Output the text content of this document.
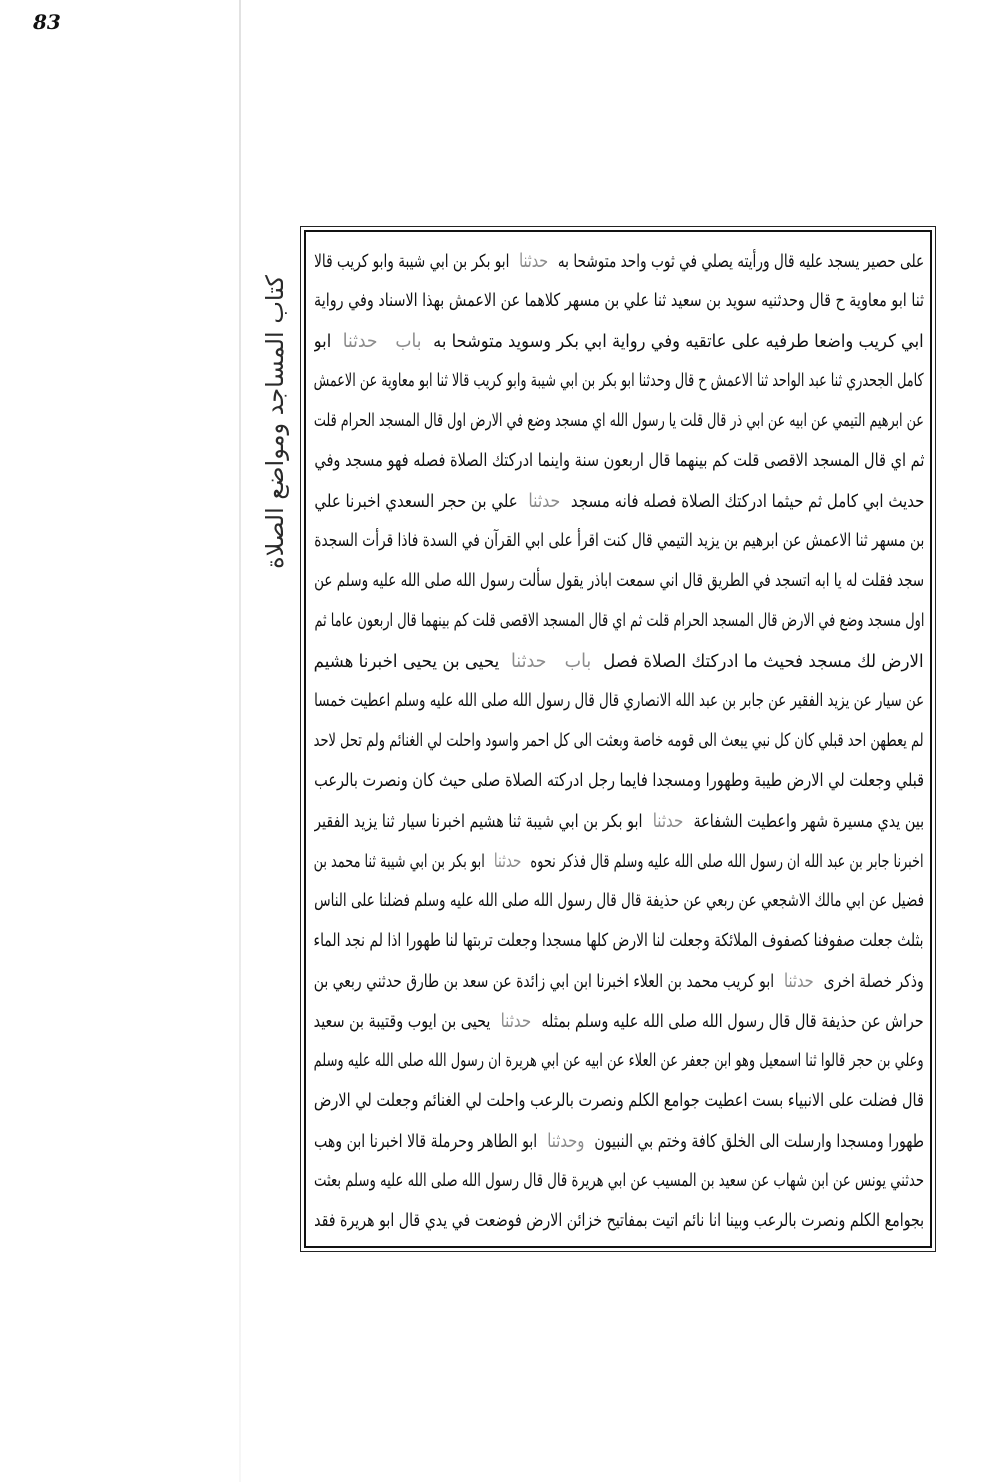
83
كتاب المساجد ومواضع الصلاة
على حصير يسجد عليه قال ورأيته يصلي في ثوب واحد متوشحا به حدثنا ابو بكر بن ابي شيبة وابو كريب قالا
ثنا ابو معاوية ح قال وحدثنيه سويد بن سعيد ثنا علي بن مسهر كلاهما عن الاعمش بهذا الاسناد وفي رواية
ابي كريب واضعا طرفيه على عاتقيه وفي رواية ابي بكر وسويد متوشحا به باب حدثنا ابو
كامل الجحدري ثنا عبد الواحد ثنا الاعمش ح قال وحدثنا ابو بكر بن ابي شيبة وابو كريب قالا ثنا ابو معاوية عن الاعمش
عن ابرهيم التيمي عن ابيه عن ابي ذر قال قلت يا رسول الله اي مسجد وضع في الارض اول قال المسجد الحرام قلت
ثم اي قال المسجد الاقصى قلت كم بينهما قال اربعون سنة واينما ادركتك الصلاة فصله فهو مسجد وفي
حديث ابي كامل ثم حيثما ادركتك الصلاة فصله فانه مسجد حدثنا علي بن حجر السعدي اخبرنا علي
بن مسهر ثنا الاعمش عن ابرهيم بن يزيد التيمي قال كنت اقرأ على ابي القرآن في السدة فاذا قرأت السجدة
سجد فقلت له يا ابه اتسجد في الطريق قال اني سمعت اباذر يقول سألت رسول الله صلى الله عليه وسلم عن
اول مسجد وضع في الارض قال المسجد الحرام قلت ثم اي قال المسجد الاقصى قلت كم بينهما قال اربعون عاما ثم
الارض لك مسجد فحيث ما ادركتك الصلاة فصل باب حدثنا يحيى بن يحيى اخبرنا هشيم
عن سيار عن يزيد الفقير عن جابر بن عبد الله الانصاري قال قال رسول الله صلى الله عليه وسلم اعطيت خمسا
لم يعطهن احد قبلي كان كل نبي يبعث الى قومه خاصة وبعثت الى كل احمر واسود واحلت لي الغنائم ولم تحل لاحد
قبلي وجعلت لي الارض طيبة وطهورا ومسجدا فايما رجل ادركته الصلاة صلى حيث كان ونصرت بالرعب
بين يدي مسيرة شهر واعطيت الشفاعة حدثنا ابو بكر بن ابي شيبة ثنا هشيم اخبرنا سيار ثنا يزيد الفقير
اخبرنا جابر بن عبد الله ان رسول الله صلى الله عليه وسلم قال فذكر نحوه حدثنا ابو بكر بن ابي شيبة ثنا محمد بن
فضيل عن ابي مالك الاشجعي عن ربعي عن حذيفة قال قال رسول الله صلى الله عليه وسلم فضلنا على الناس
بثلث جعلت صفوفنا كصفوف الملائكة وجعلت لنا الارض كلها مسجدا وجعلت تربتها لنا طهورا اذا لم نجد الماء
وذكر خصلة اخرى حدثنا ابو كريب محمد بن العلاء اخبرنا ابن ابي زائدة عن سعد بن طارق حدثني ربعي بن
حراش عن حذيفة قال قال رسول الله صلى الله عليه وسلم بمثله حدثنا يحيى بن ايوب وقتيبة بن سعيد
وعلي بن حجر قالوا ثنا اسمعيل وهو ابن جعفر عن العلاء عن ابيه عن ابي هريرة ان رسول الله صلى الله عليه وسلم
قال فضلت على الانبياء بست اعطيت جوامع الكلم ونصرت بالرعب واحلت لي الغنائم وجعلت لي الارض
طهورا ومسجدا وارسلت الى الخلق كافة وختم بي النبيون وحدثنا ابو الطاهر وحرملة قالا اخبرنا ابن وهب
حدثني يونس عن ابن شهاب عن سعيد بن المسيب عن ابي هريرة قال قال رسول الله صلى الله عليه وسلم بعثت
بجوامع الكلم ونصرت بالرعب وبينا انا نائم اتيت بمفاتيح خزائن الارض فوضعت في يدي قال ابو هريرة فقد
